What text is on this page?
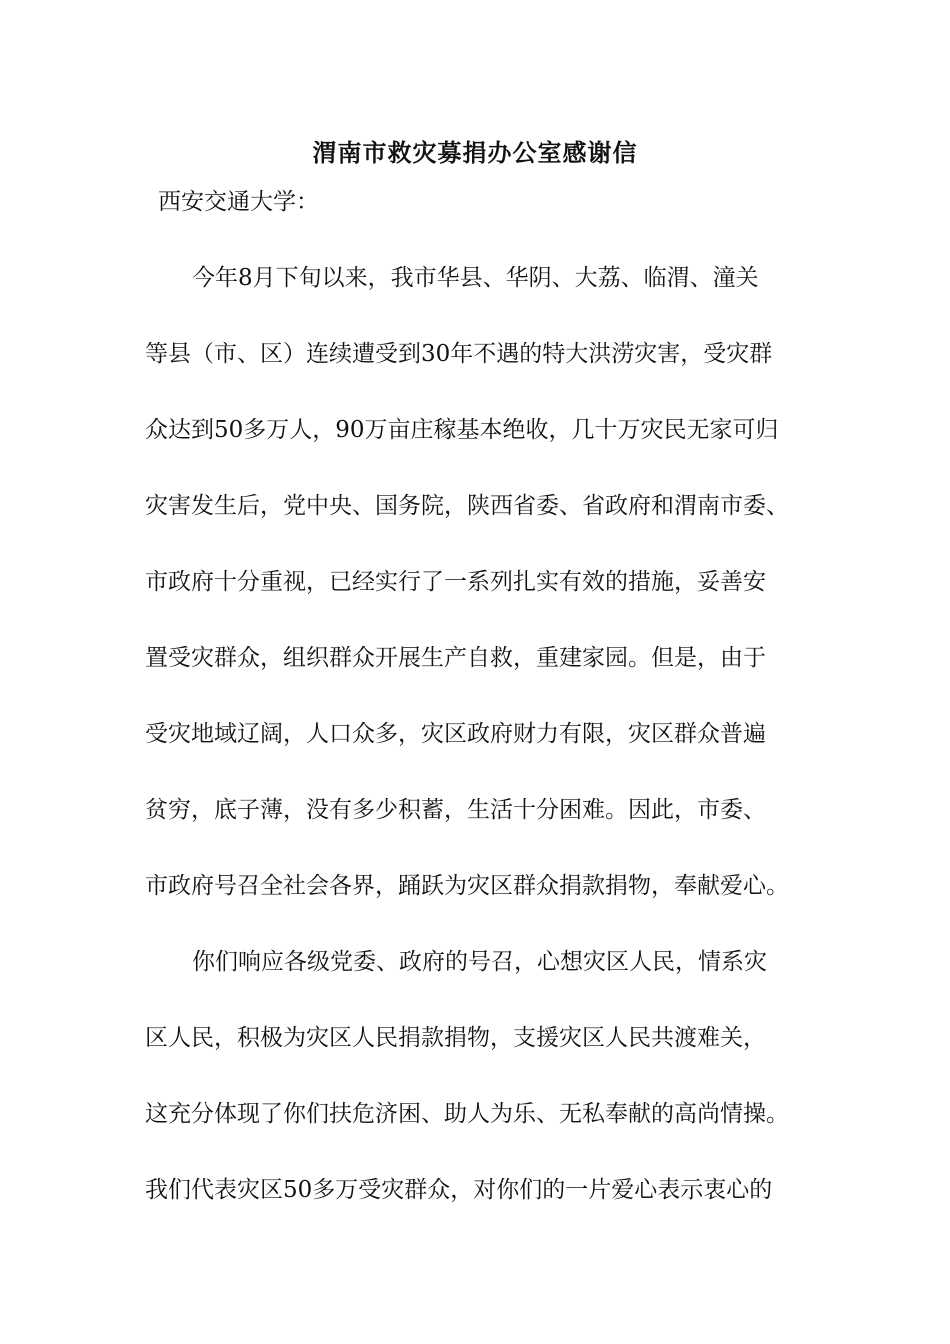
渭南市救灾募捐办公室感谢信
西安交通大学：
今年8月下旬以来，我市华县、华阴、大荔、临渭、潼关
等县（市、区）连续遭受到30年不遇的特大洪涝灾害，受灾群
众达到50多万人，90万亩庄稼基本绝收，几十万灾民无家可归
灾害发生后，党中央、国务院，陕西省委、省政府和渭南市委、
市政府十分重视，已经实行了一系列扎实有效的措施，妥善安
置受灾群众，组织群众开展生产自救，重建家园。但是，由于
受灾地域辽阔，人口众多，灾区政府财力有限，灾区群众普遍
贫穷，底子薄，没有多少积蓄，生活十分困难。因此，市委、
市政府号召全社会各界，踊跃为灾区群众捐款捐物，奉献爱心。
你们响应各级党委、政府的号召，心想灾区人民，情系灾
区人民，积极为灾区人民捐款捐物，支援灾区人民共渡难关，
这充分体现了你们扶危济困、助人为乐、无私奉献的高尚情操。
我们代表灾区50多万受灾群众，对你们的一片爱心表示衷心的
